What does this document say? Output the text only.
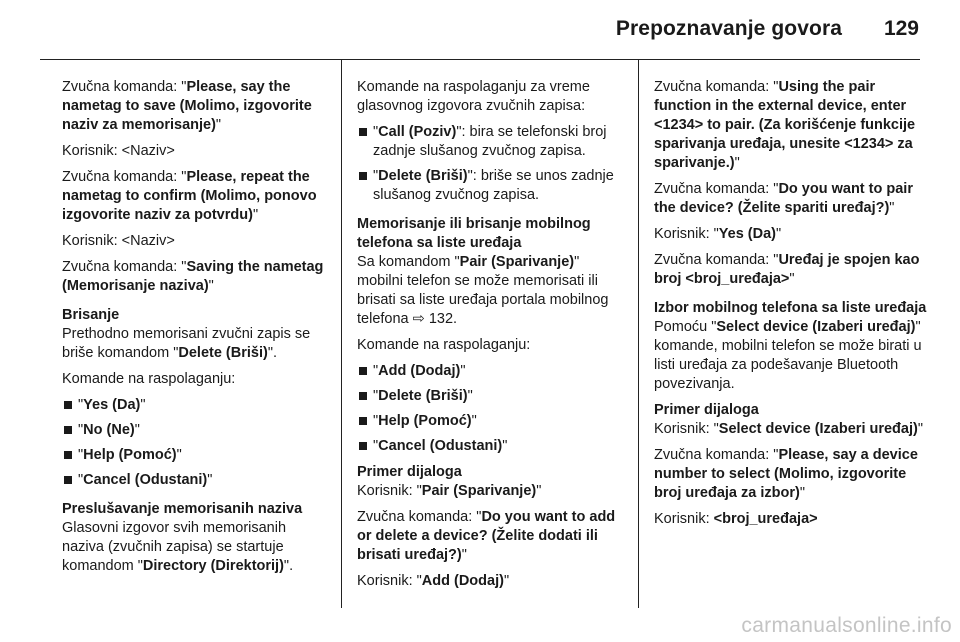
Prepoznavanje govora 129

Zvučna komanda: "Please, say the nametag to save (Molimo, izgovorite naziv za memorisanje)"

Korisnik: <Naziv>

Zvučna komanda: "Please, repeat the nametag to confirm (Molimo, ponovo izgovorite naziv za potvrdu)"

Korisnik: <Naziv>

Zvučna komanda: "Saving the nametag (Memorisanje naziva)"

Brisanje

Prethodno memorisani zvučni zapis se briše komandom "Delete (Briši)".

Komande na raspolaganju:

"Yes (Da)"
"No (Ne)"
"Help (Pomoć)"
"Cancel (Odustani)"

Preslušavanje memorisanih naziva

Glasovni izgovor svih memorisanih naziva (zvučnih zapisa) se startuje komandom "Directory (Direktorij)".

Komande na raspolaganju za vreme glasovnog izgovora zvučnih zapisa:

"Call (Poziv)": bira se telefonski broj zadnje slušanog zvučnog zapisa.
"Delete (Briši)": briše se unos zadnje slušanog zvučnog zapisa.

Memorisanje ili brisanje mobilnog telefona sa liste uređaja

Sa komandom "Pair (Sparivanje)" mobilni telefon se može memorisati ili brisati sa liste uređaja portala mobilnog telefona ⇨ 132.

Komande na raspolaganju:

"Add (Dodaj)"
"Delete (Briši)"
"Help (Pomoć)"
"Cancel (Odustani)"

Primer dijaloga

Korisnik: "Pair (Sparivanje)"

Zvučna komanda: "Do you want to add or delete a device? (Želite dodati ili brisati uređaj?)"

Korisnik: "Add (Dodaj)"

Zvučna komanda: "Using the pair function in the external device, enter <1234> to pair. (Za korišćenje funkcije sparivanja uređaja, unesite <1234> za sparivanje.)"

Zvučna komanda: "Do you want to pair the device? (Želite spariti uređaj?)"

Korisnik: "Yes (Da)"

Zvučna komanda: "Uređaj je spojen kao broj <broj_uređaja>"

Izbor mobilnog telefona sa liste uređaja

Pomoću "Select device (Izaberi uređaj)" komande, mobilni telefon se može birati u listi uređaja za podešavanje Bluetooth povezivanja.

Primer dijaloga

Korisnik: "Select device (Izaberi uređaj)"

Zvučna komanda: "Please, say a device number to select (Molimo, izgovorite broj uređaja za izbor)"

Korisnik: <broj_uređaja>

carmanualsonline.info
